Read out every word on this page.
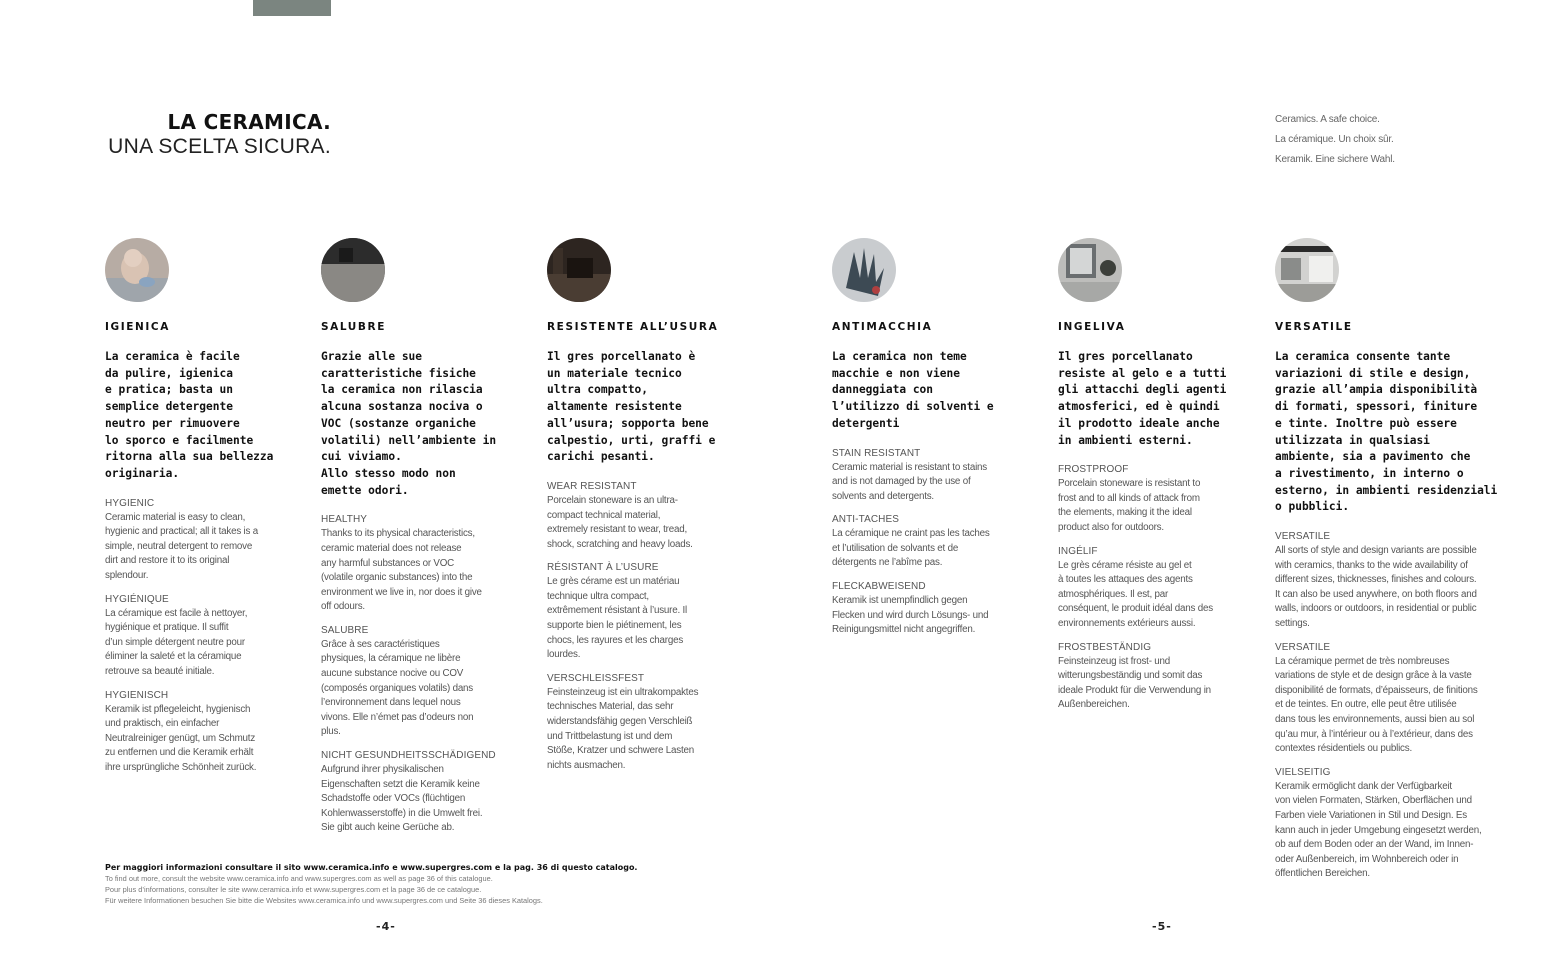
LA CERAMICA.
UNA SCELTA SICURA.
Ceramics. A safe choice.
La céramique. Un choix sûr.
Keramik. Eine sichere Wahl.
IGIENICA
La ceramica è facile
da pulire, igienica
e pratica; basta un
semplice detergente
neutro per rimuovere
lo sporco e facilmente
ritorna alla sua bellezza
originaria.
HYGIENIC
Ceramic material is easy to clean,
hygienic and practical; all it takes is a
simple, neutral detergent to remove
dirt and restore it to its original
splendour.
HYGIÉNIQUE
La céramique est facile à nettoyer,
hygiénique et pratique. Il suffit
d’un simple détergent neutre pour
éliminer la saleté et la céramique
retrouve sa beauté initiale.
HYGIENISCH
Keramik ist pflegeleicht, hygienisch
und praktisch, ein einfacher
Neutralreiniger genügt, um Schmutz
zu entfernen und die Keramik erhält
ihre ursprüngliche Schönheit zurück.
SALUBRE
Grazie alle sue
caratteristiche fisiche
la ceramica non rilascia
alcuna sostanza nociva o
VOC (sostanze organiche
volatili) nell’ambiente in
cui viviamo.
Allo stesso modo non
emette odori.
HEALTHY
Thanks to its physical characteristics,
ceramic material does not release
any harmful substances or VOC
(volatile organic substances) into the
environment we live in, nor does it give
off odours.
SALUBRE
Grâce à ses caractéristiques
physiques, la céramique ne libère
aucune substance nocive ou COV
(composés organiques volatils) dans
l’environnement dans lequel nous
vivons. Elle n’émet pas d’odeurs non
plus.
NICHT GESUNDHEITSSCHÄDIGEND
Aufgrund ihrer physikalischen
Eigenschaften setzt die Keramik keine
Schadstoffe oder VOCs (flüchtigen
Kohlenwasserstoffe) in die Umwelt frei.
Sie gibt auch keine Gerüche ab.
RESISTENTE ALL’USURA
Il gres porcellanato è
un materiale tecnico
ultra compatto,
altamente resistente
all’usura; sopporta bene
calpestio, urti, graffi e
carichi pesanti.
WEAR RESISTANT
Porcelain stoneware is an ultra-
compact technical material,
extremely resistant to wear, tread,
shock, scratching and heavy loads.
RÉSISTANT À L’USURE
Le grès cérame est un matériau
technique ultra compact,
extrêmement résistant à l’usure. Il
supporte bien le piétinement, les
chocs, les rayures et les charges
lourdes.
VERSCHLEISSFEST
Feinsteinzeug ist ein ultrakompaktes
technisches Material, das sehr
widerstandsfähig gegen Verschleiß
und Trittbelastung ist und dem
Stöße, Kratzer und schwere Lasten
nichts ausmachen.
ANTIMACCHIA
La ceramica non teme
macchie e non viene
danneggiata con
l’utilizzo di solventi e
detergenti
STAIN RESISTANT
Ceramic material is resistant to stains
and is not damaged by the use of
solvents and detergents.
ANTI-TACHES
La céramique ne craint pas les taches
et l’utilisation de solvants et de
détergents ne l’abîme pas.
FLECKABWEISEND
Keramik ist unempfindlich gegen
Flecken und wird durch Lösungs- und
Reinigungsmittel nicht angegriffen.
INGELIVA
Il gres porcellanato
resiste al gelo e a tutti
gli attacchi degli agenti
atmosferici, ed è quindi
il prodotto ideale anche
in ambienti esterni.
FROSTPROOF
Porcelain stoneware is resistant to
frost and to all kinds of attack from
the elements, making it the ideal
product also for outdoors.
INGÉLIF
Le grès cérame résiste au gel et
à toutes les attaques des agents
atmosphériques. Il est, par
conséquent, le produit idéal dans des
environnements extérieurs aussi.
FROSTBESTÄNDIG
Feinsteinzeug ist frost- und
witterungsbeständig und somit das
ideale Produkt für die Verwendung in
Außenbereichen.
VERSATILE
La ceramica consente tante
variazioni di stile e design,
grazie all’ampia disponibilità
di formati, spessori, finiture
e tinte. Inoltre può essere
utilizzata in qualsiasi
ambiente, sia a pavimento che
a rivestimento, in interno o
esterno, in ambienti residenziali
o pubblici.
VERSATILE
All sorts of style and design variants are possible
with ceramics, thanks to the wide availability of
different sizes, thicknesses, finishes and colours.
It can also be used anywhere, on both floors and
walls, indoors or outdoors, in residential or public
settings.
VERSATILE
La céramique permet de très nombreuses
variations de style et de design grâce à la vaste
disponibilité de formats, d’épaisseurs, de finitions
et de teintes. En outre, elle peut être utilisée
dans tous les environnements, aussi bien au sol
qu’au mur, à l’intérieur ou à l’extérieur, dans des
contextes résidentiels ou publics.
VIELSEITIG
Keramik ermöglicht dank der Verfügbarkeit
von vielen Formaten, Stärken, Oberflächen und
Farben viele Variationen in Stil und Design. Es
kann auch in jeder Umgebung eingesetzt werden,
ob auf dem Boden oder an der Wand, im Innen-
oder Außenbereich, im Wohnbereich oder in
öffentlichen Bereichen.
Per maggiori informazioni consultare il sito www.ceramica.info e www.supergres.com e la pag. 36 di questo catalogo.
To find out more, consult the website www.ceramica.info and www.supergres.com as well as page 36 of this catalogue.
Pour plus d’informations, consulter le site www.ceramica.info et www.supergres.com et la page 36 de ce catalogue.
Für weitere Informationen besuchen Sie bitte die Websites www.ceramica.info und www.supergres.com und Seite 36 dieses Katalogs.
-4-	-5-
